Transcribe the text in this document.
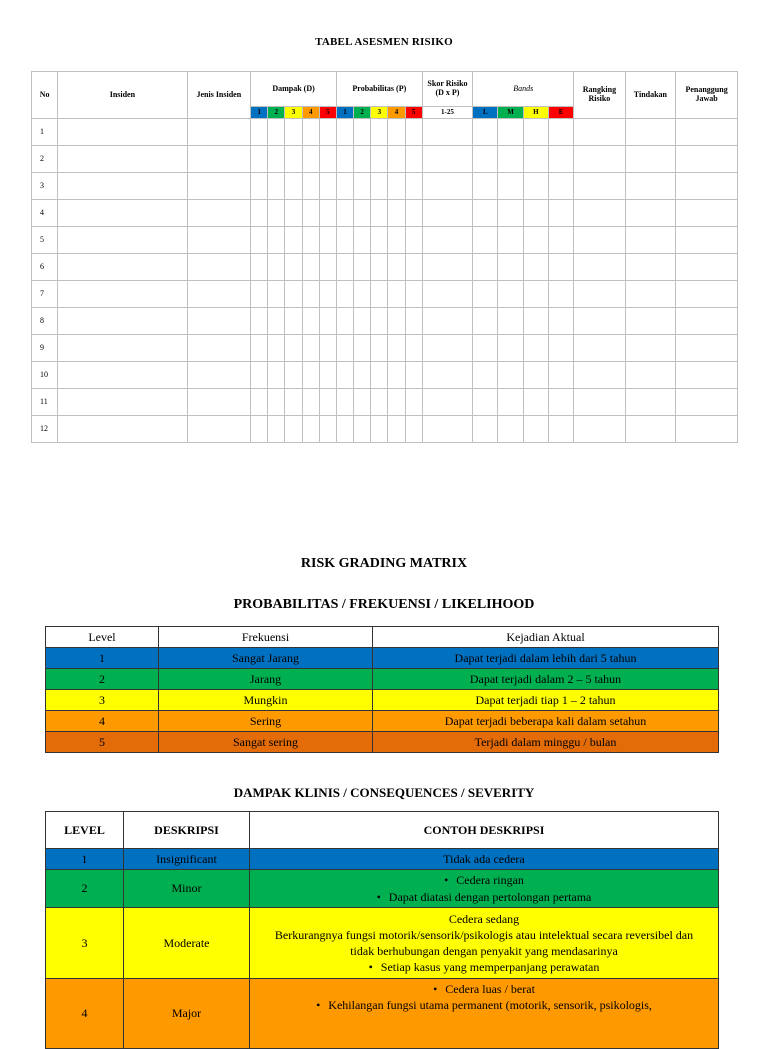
TABEL ASESMEN RISIKO
No	Insiden	Jenis Insiden	Dampak (D)					Probabilitas (P)					Skor Risiko (D x P)	Bands				Rangking Risiko	Tindakan	Penanggung Jawab
			1	2	3	4	5	1	2	3	4	5	1-25	L	M	H	E			
1																				
2																				
3																				
4																				
5																				
6																				
7																				
8																				
9																				
10																				
11																				
12																				
RISK GRADING MATRIX
PROBABILITAS / FREKUENSI / LIKELIHOOD
Level	Frekuensi	Kejadian Aktual
1	Sangat Jarang	Dapat terjadi dalam lebih dari 5 tahun
2	Jarang	Dapat terjadi dalam 2 – 5 tahun
3	Mungkin	Dapat terjadi tiap 1 – 2 tahun
4	Sering	Dapat terjadi beberapa kali dalam setahun
5	Sangat sering	Terjadi dalam minggu / bulan
DAMPAK KLINIS / CONSEQUENCES / SEVERITY
LEVEL	DESKRIPSI	CONTOH DESKRIPSI
1	Insignificant	Tidak ada cedera
2	Minor	• Cedera ringan
• Dapat diatasi dengan pertolongan pertama

3	Moderate	Cedera sedang
Berkurangnya fungsi motorik/sensorik/psikologis atau intelektual secara reversibel dan tidak berhubungan dengan penyakit yang mendasarinya
• Setiap kasus yang memperpanjang perawatan

4	Major	• Cedera luas / berat
• Kehilangan fungsi utama permanent (motorik, sensorik, psikologis,
